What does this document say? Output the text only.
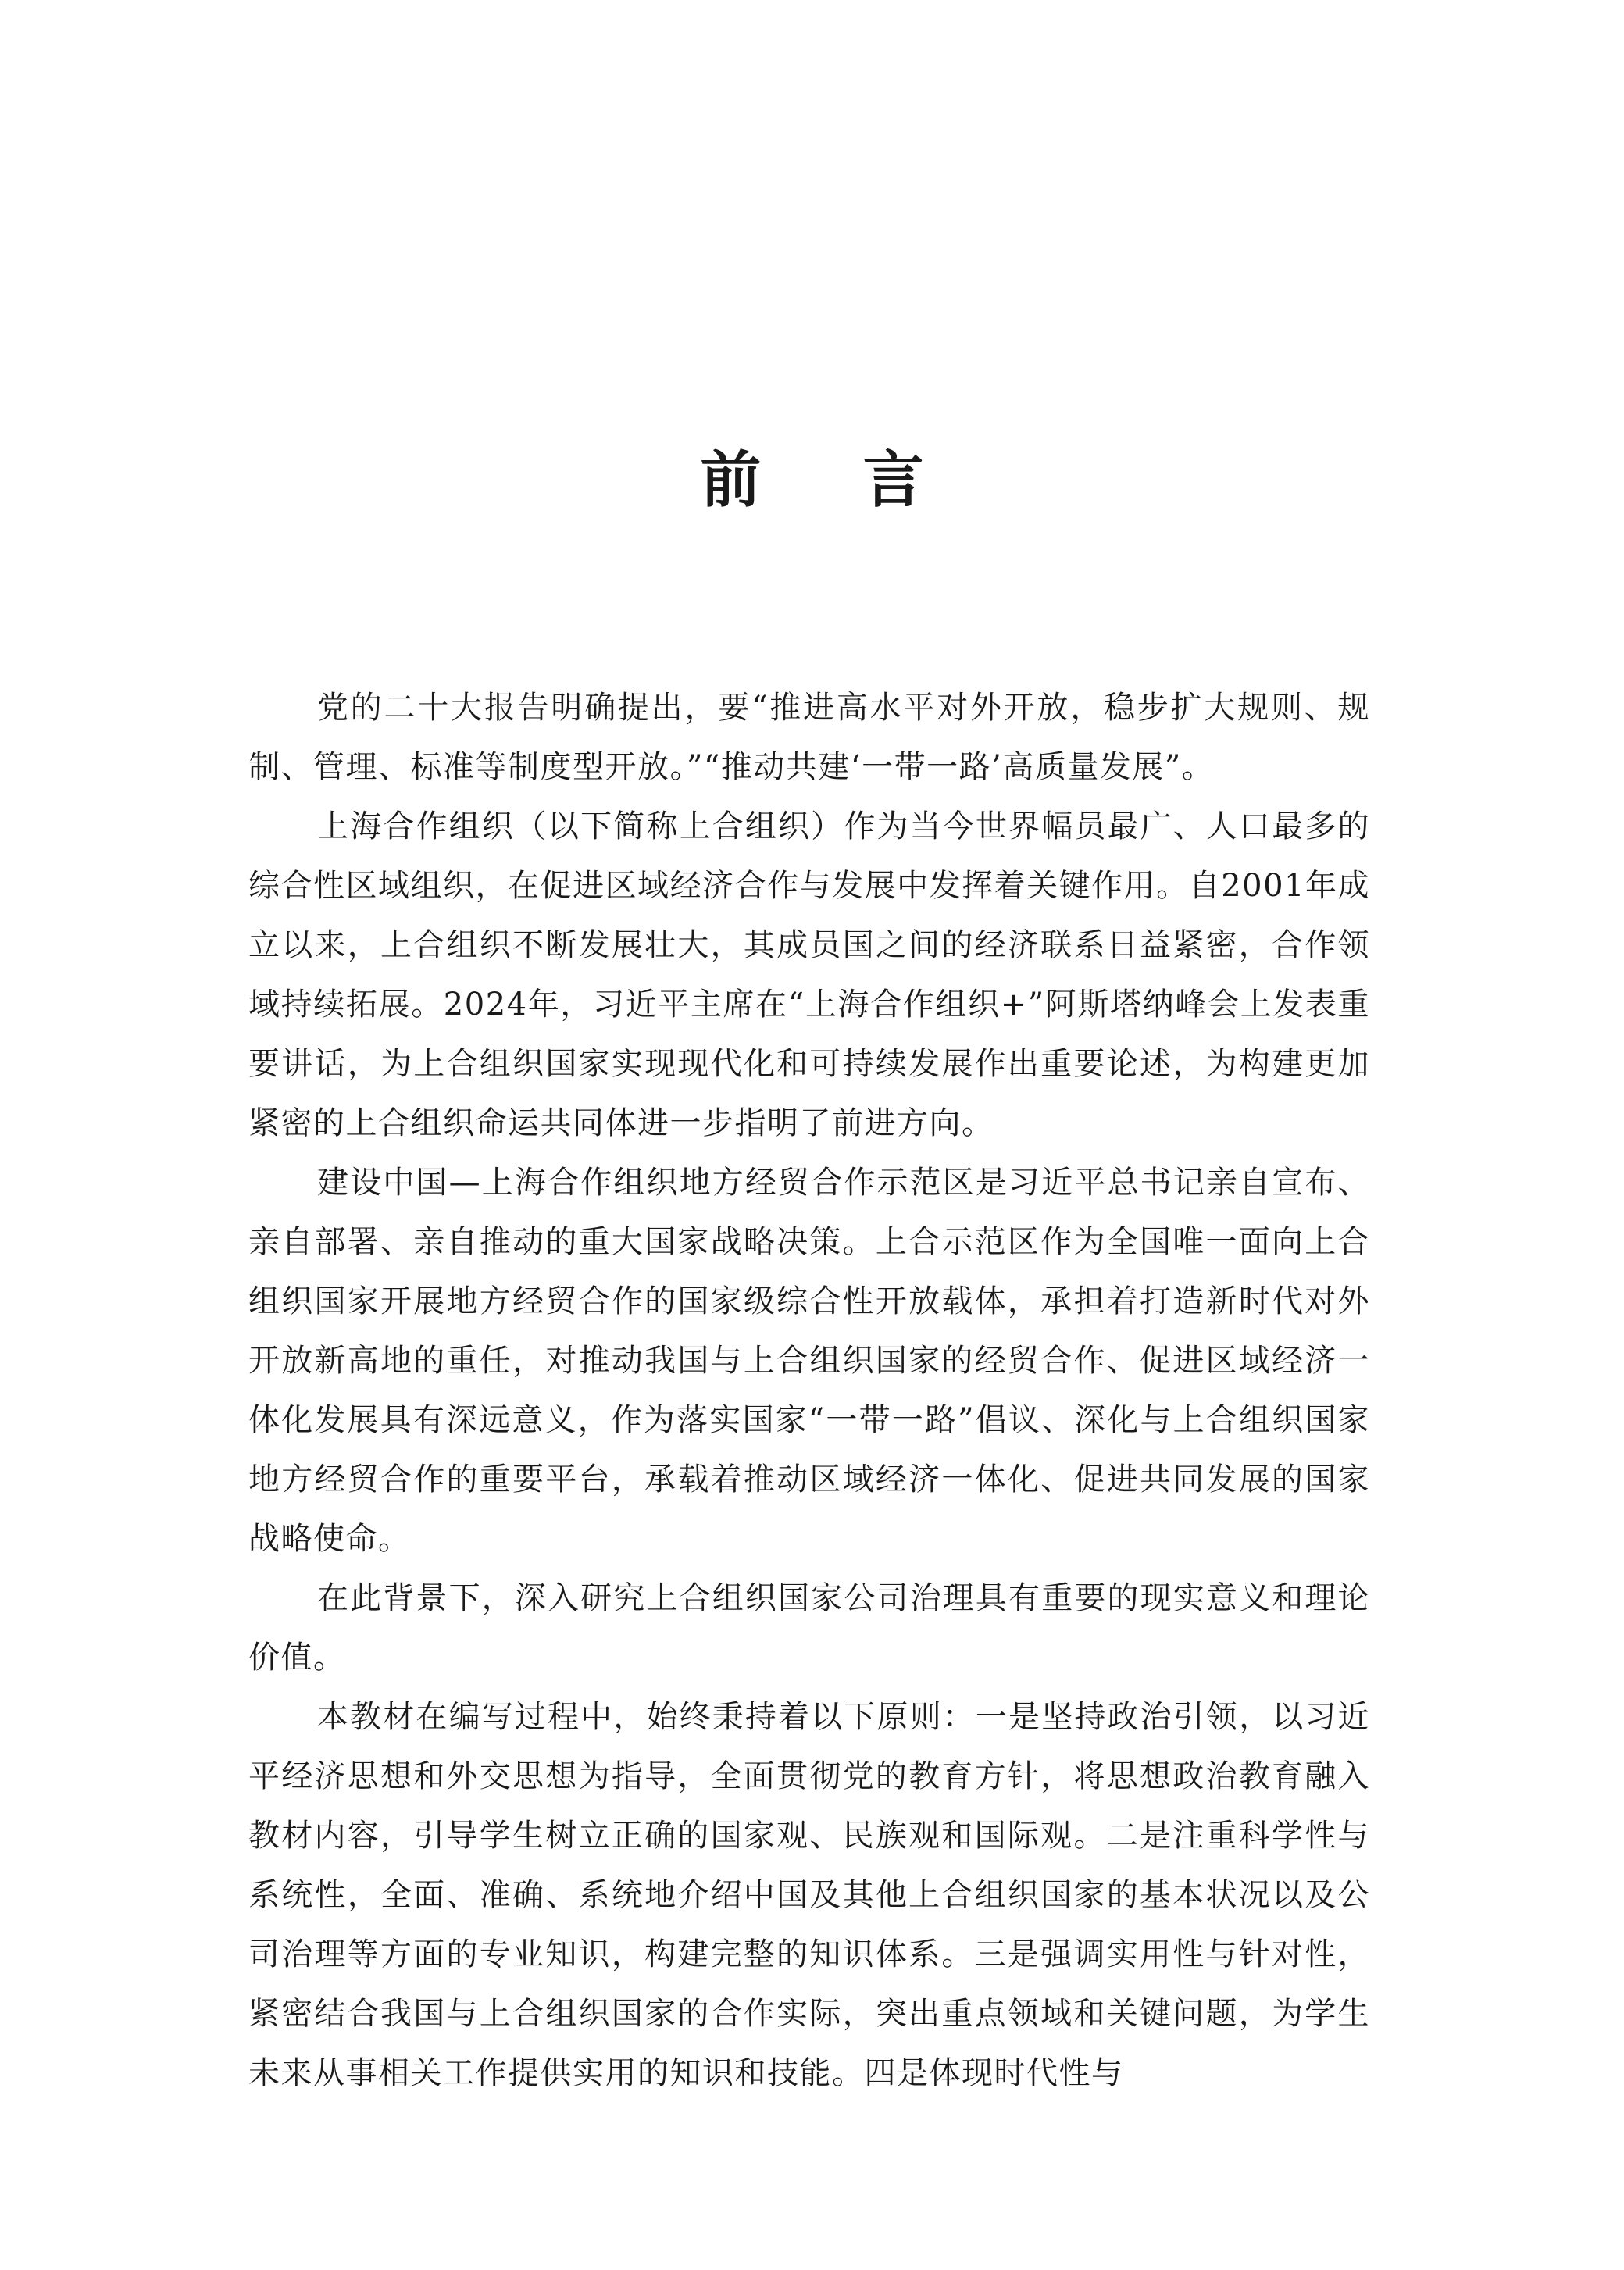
前言

党的二十大报告明确提出，要“推进高水平对外开放，稳步扩大规则、规制、管理、标准等制度型开放。”“推动共建‘一带一路’高质量发展”。

上海合作组织（以下简称上合组织）作为当今世界幅员最广、人口最多的综合性区域组织，在促进区域经济合作与发展中发挥着关键作用。自2001年成立以来，上合组织不断发展壮大，其成员国之间的经济联系日益紧密，合作领域持续拓展。2024年，习近平主席在“上海合作组织+”阿斯塔纳峰会上发表重要讲话，为上合组织国家实现现代化和可持续发展作出重要论述，为构建更加紧密的上合组织命运共同体进一步指明了前进方向。

建设中国—上海合作组织地方经贸合作示范区是习近平总书记亲自宣布、亲自部署、亲自推动的重大国家战略决策。上合示范区作为全国唯一面向上合组织国家开展地方经贸合作的国家级综合性开放载体，承担着打造新时代对外开放新高地的重任，对推动我国与上合组织国家的经贸合作、促进区域经济一体化发展具有深远意义，作为落实国家“一带一路”倡议、深化与上合组织国家地方经贸合作的重要平台，承载着推动区域经济一体化、促进共同发展的国家战略使命。

在此背景下，深入研究上合组织国家公司治理具有重要的现实意义和理论价值。

本教材在编写过程中，始终秉持着以下原则：一是坚持政治引领，以习近平经济思想和外交思想为指导，全面贯彻党的教育方针，将思想政治教育融入教材内容，引导学生树立正确的国家观、民族观和国际观。二是注重科学性与系统性，全面、准确、系统地介绍中国及其他上合组织国家的基本状况以及公司治理等方面的专业知识，构建完整的知识体系。三是强调实用性与针对性，紧密结合我国与上合组织国家的合作实际，突出重点领域和关键问题，为学生未来从事相关工作提供实用的知识和技能。四是体现时代性与
